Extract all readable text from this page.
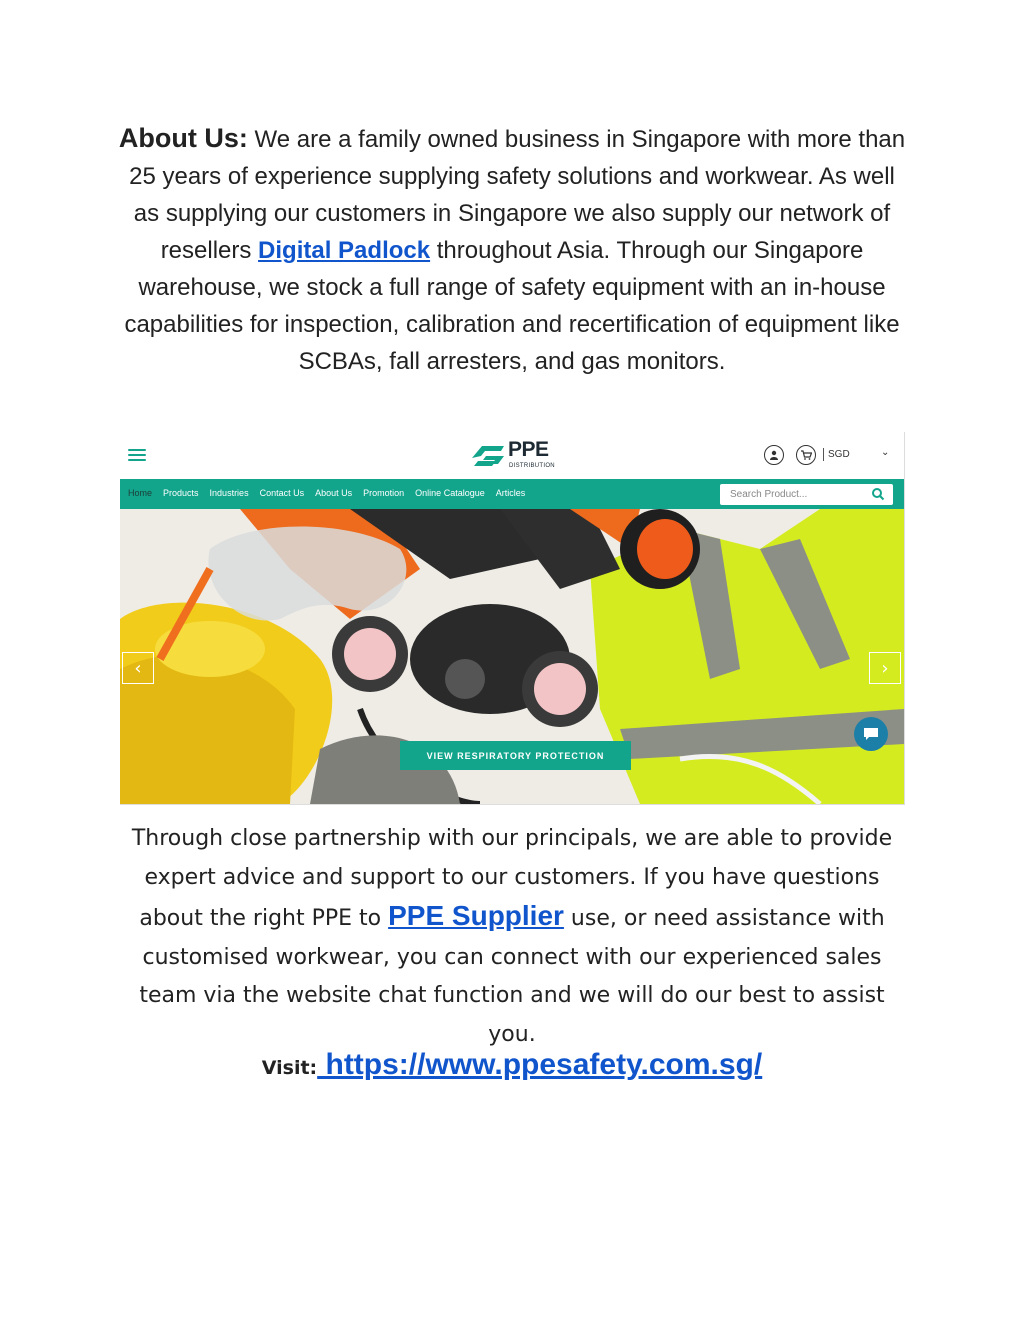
About Us: We are a family owned business in Singapore with more than 25 years of experience supplying safety solutions and workwear. As well as supplying our customers in Singapore we also supply our network of resellers Digital Padlock throughout Asia. Through our Singapore warehouse, we stock a full range of safety equipment with an in-house capabilities for inspection, calibration and recertification of equipment like SCBAs, fall arresters, and gas monitors.
PPE
DISTRIBUTION
SGD	⌄
Home Products Industries Contact Us About Us Promotion Online Catalogue Articles	Search Product...
‹	›
VIEW RESPIRATORY PROTECTION
Through close partnership with our principals, we are able to provide expert advice and support to our customers. If you have questions about the right PPE to PPE Supplier use, or need assistance with customised workwear, you can connect with our experienced sales team via the website chat function and we will do our best to assist you.
Visit: https://www.ppesafety.com.sg/
